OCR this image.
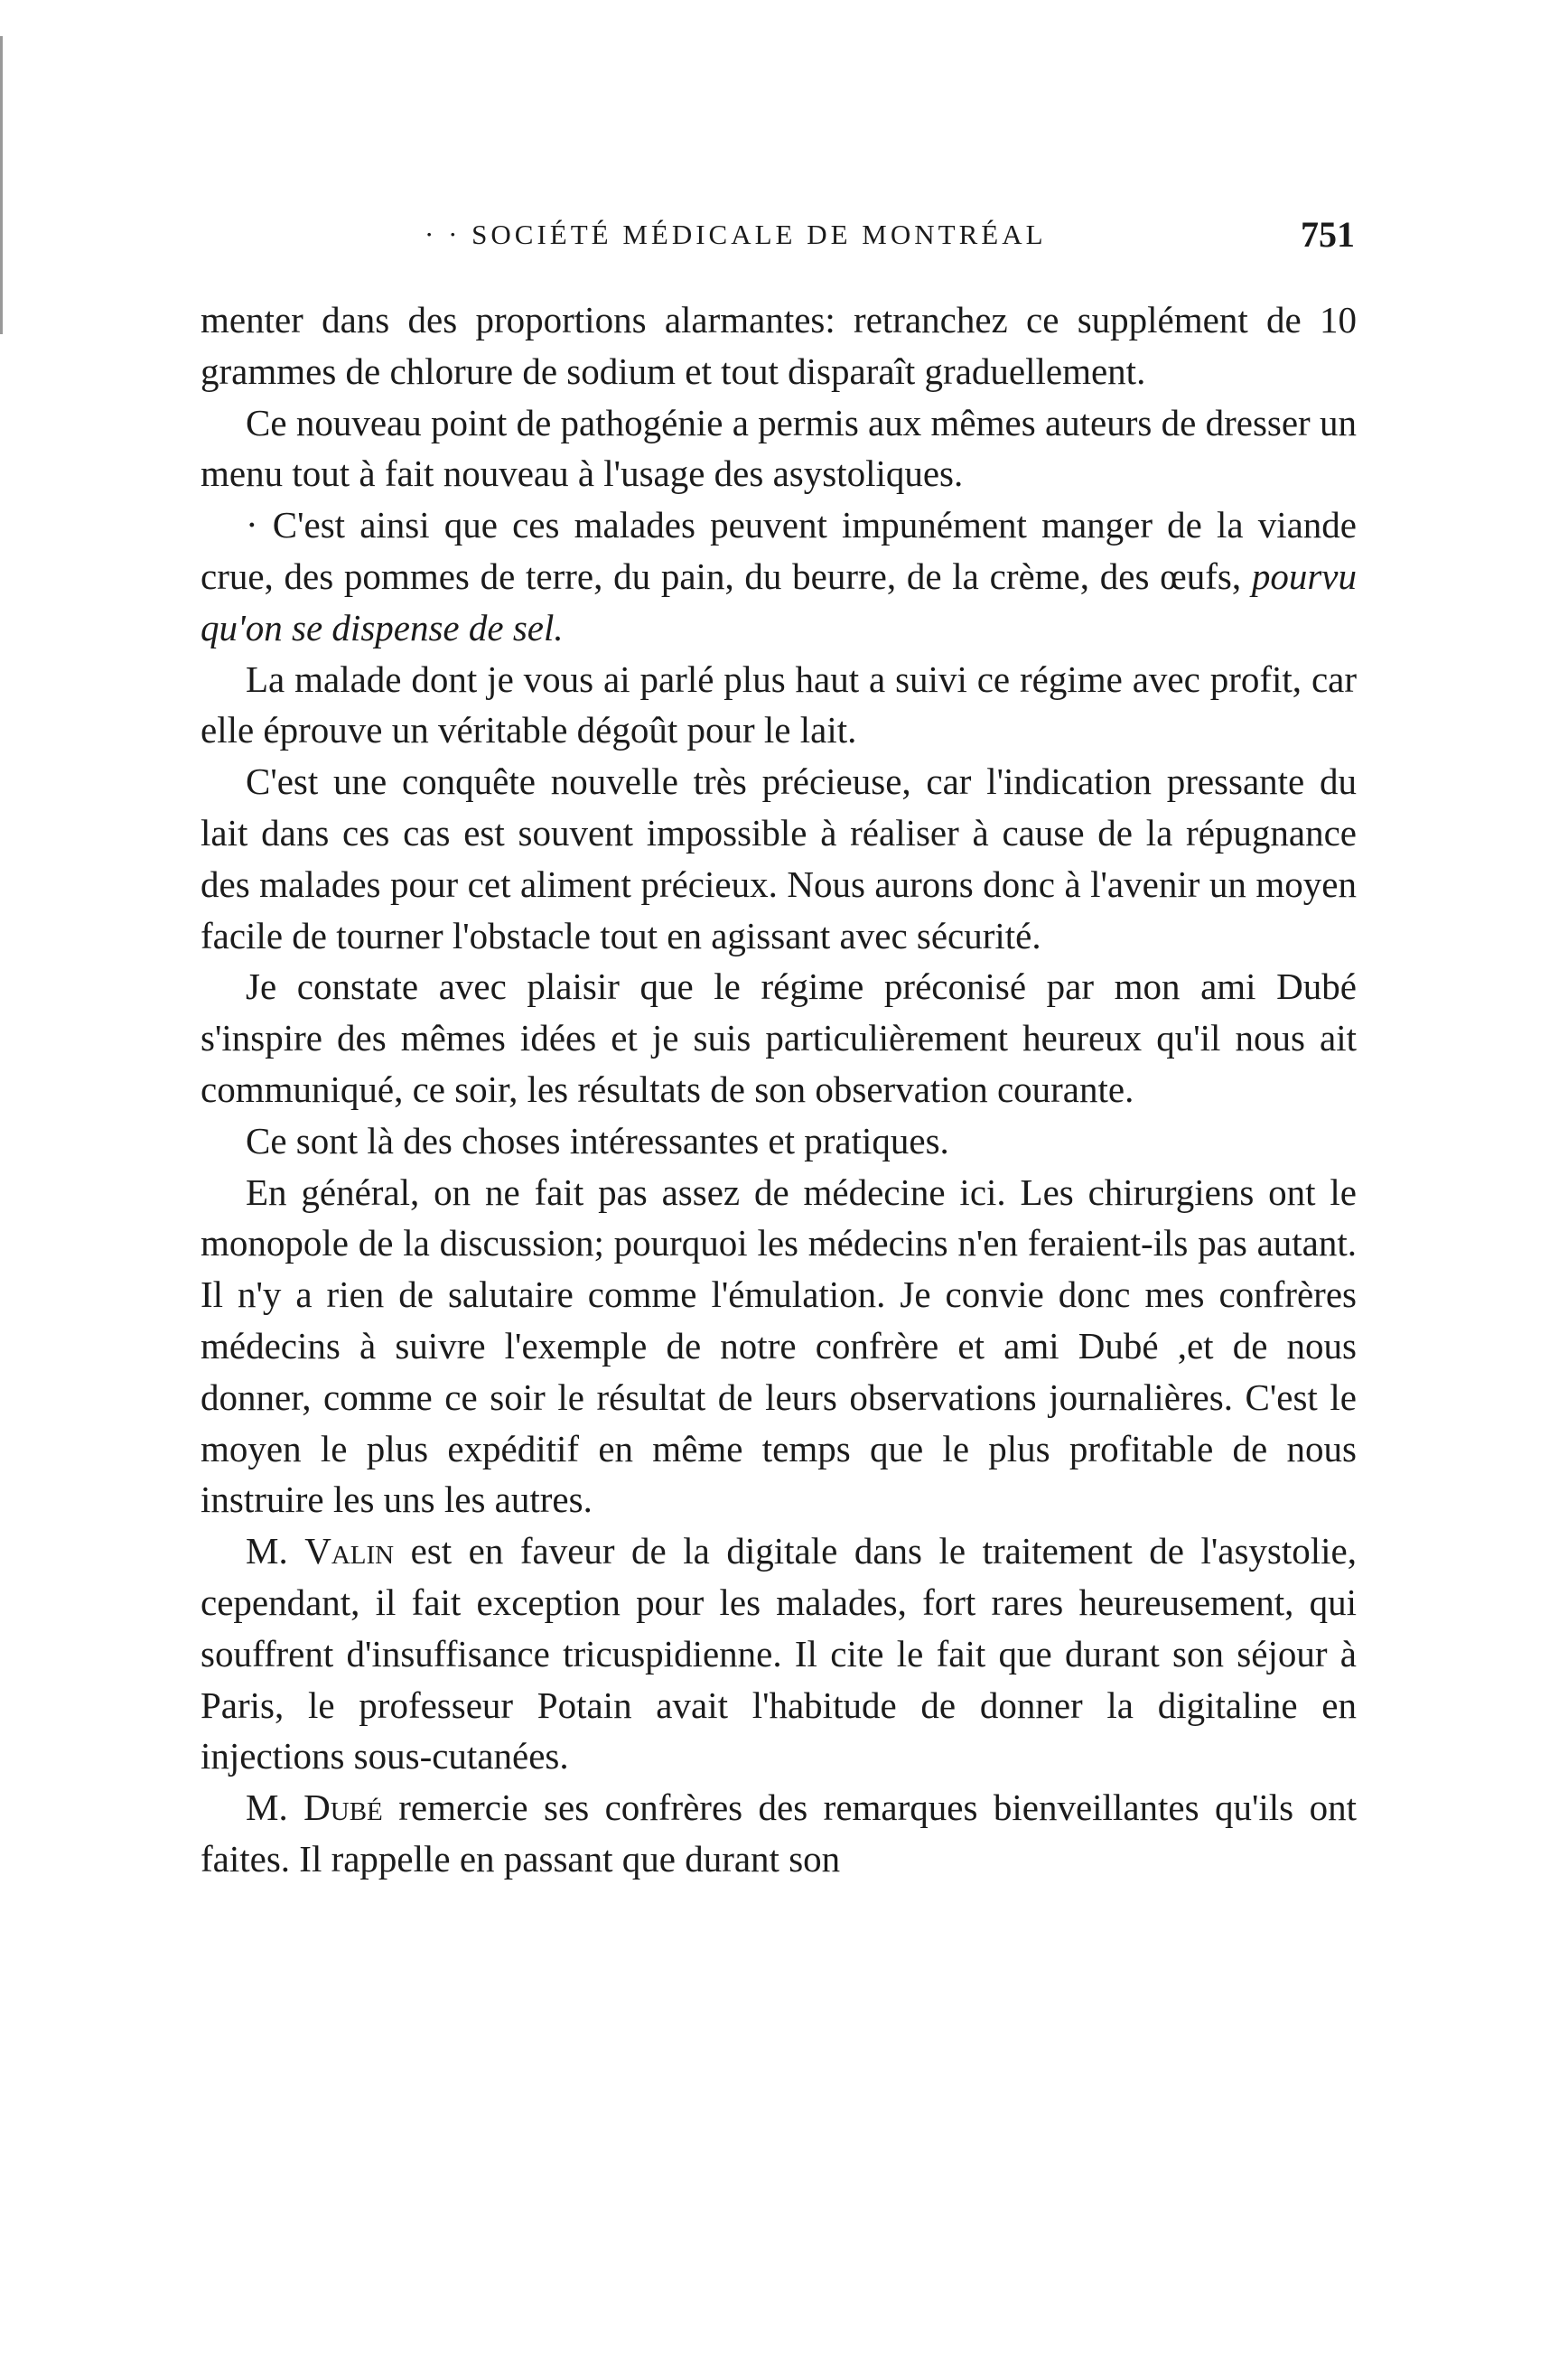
· · SOCIÉTÉ MÉDICALE DE MONTRÉAL	751

menter dans des proportions alarmantes: retranchez ce supplément de 10 grammes de chlorure de sodium et tout disparaît graduellement.

Ce nouveau point de pathogénie a permis aux mêmes auteurs de dresser un menu tout à fait nouveau à l'usage des asystoliques.

· C'est ainsi que ces malades peuvent impunément manger de la viande crue, des pommes de terre, du pain, du beurre, de la crème, des œufs, pourvu qu'on se dispense de sel.

La malade dont je vous ai parlé plus haut a suivi ce régime avec profit, car elle éprouve un véritable dégoût pour le lait.

C'est une conquête nouvelle très précieuse, car l'indication pressante du lait dans ces cas est souvent impossible à réaliser à cause de la répugnance des malades pour cet aliment précieux. Nous aurons donc à l'avenir un moyen facile de tourner l'obstacle tout en agissant avec sécurité.

Je constate avec plaisir que le régime préconisé par mon ami Dubé s'inspire des mêmes idées et je suis particulièrement heureux qu'il nous ait communiqué, ce soir, les résultats de son observation courante.

Ce sont là des choses intéressantes et pratiques.

En général, on ne fait pas assez de médecine ici. Les chirurgiens ont le monopole de la discussion; pourquoi les médecins n'en feraient-ils pas autant. Il n'y a rien de salutaire comme l'émulation. Je convie donc mes confrères médecins à suivre l'exemple de notre confrère et ami Dubé ,et de nous donner, comme ce soir le résultat de leurs observations journalières. C'est le moyen le plus expéditif en même temps que le plus profitable de nous instruire les uns les autres.

M. Valin est en faveur de la digitale dans le traitement de l'asystolie, cependant, il fait exception pour les malades, fort rares heureusement, qui souffrent d'insuffisance tricuspidienne. Il cite le fait que durant son séjour à Paris, le professeur Potain avait l'habitude de donner la digitaline en injections sous-cutanées.

M. Dubé remercie ses confrères des remarques bienveillantes qu'ils ont faites. Il rappelle en passant que durant son
